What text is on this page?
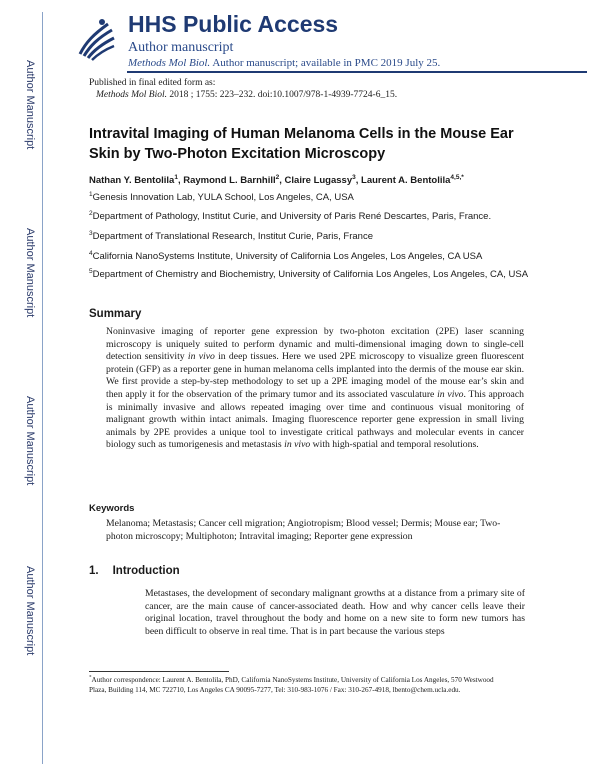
Author Manuscript
Author Manuscript
Author Manuscript
Author Manuscript
HHS Public Access
Author manuscript
Methods Mol Biol. Author manuscript; available in PMC 2019 July 25.
Published in final edited form as:
Methods Mol Biol. 2018 ; 1755: 223–232. doi:10.1007/978-1-4939-7724-6_15.
Intravital Imaging of Human Melanoma Cells in the Mouse Ear
Skin by Two-Photon Excitation Microscopy
Nathan Y. Bentolila$^1$, Raymond L. Barnhill$^2$, Claire Lugassy$^3$, Laurent A. Bentolila$^{4,5,*}$
$^1$Genesis Innovation Lab, YULA School, Los Angeles, CA, USA
$^2$Department of Pathology, Institut Curie, and University of Paris René Descartes, Paris, France.
$^3$Department of Translational Research, Institut Curie, Paris, France
$^4$California NanoSystems Institute, University of California Los Angeles, Los Angeles, CA USA
$^5$Department of Chemistry and Biochemistry, University of California Los Angeles, Los Angeles, CA, USA
Summary
Noninvasive imaging of reporter gene expression by two-photon excitation (2PE) laser scanning microscopy is uniquely suited to perform dynamic and multi-dimensional imaging down to single-cell detection sensitivity in vivo in deep tissues. Here we used 2PE microscopy to visualize green fluorescent protein (GFP) as a reporter gene in human melanoma cells implanted into the dermis of the mouse ear skin. We first provide a step-by-step methodology to set up a 2PE imaging model of the mouse ear’s skin and then apply it for the observation of the primary tumor and its associated vasculature in vivo. This approach is minimally invasive and allows repeated imaging over time and continuous visual monitoring of malignant growth within intact animals. Imaging fluorescence reporter gene expression in small living animals by 2PE provides a unique tool to investigate critical pathways and molecular events in cancer biology such as tumorigenesis and metastasis in vivo with high-spatial and temporal resolutions.
Keywords
Melanoma; Metastasis; Cancer cell migration; Angiotropism; Blood vessel; Dermis; Mouse ear; Two-photon microscopy; Multiphoton; Intravital imaging; Reporter gene expression
1. Introduction
Metastases, the development of secondary malignant growths at a distance from a primary site of cancer, are the main cause of cancer-associated death. How and why cancer cells leave their original location, travel throughout the body and home on a new site to form new tumors has been difficult to observe in real time. That is in part because the various steps
*Author correspondence: Laurent A. Bentolila, PhD, California NanoSystems Institute, University of California Los Angeles, 570 Westwood Plaza, Building 114, MC 722710, Los Angeles CA 90095-7277, Tel: 310-983-1076 / Fax: 310-267-4918, lbento@chem.ucla.edu.
